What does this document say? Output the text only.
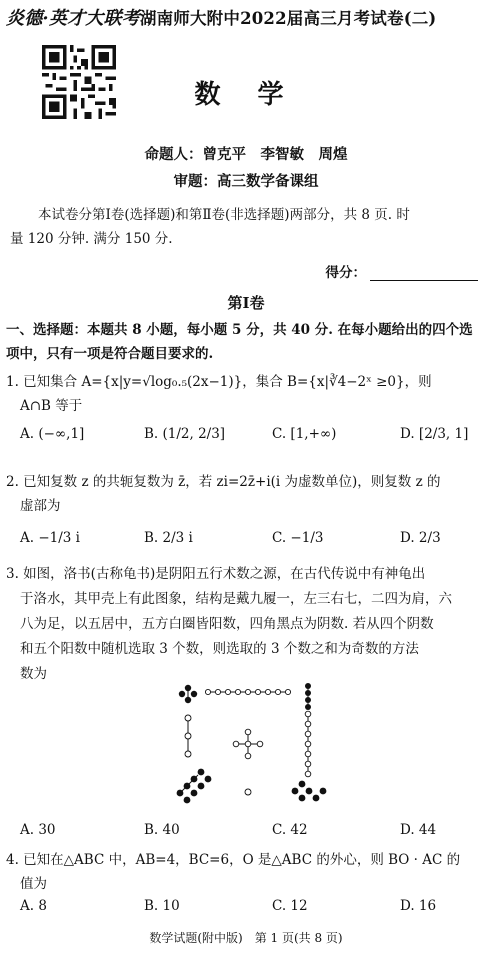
炎德·英才大联考湖南师大附中2022届高三月考试卷(二)
数 学
命题人：曾克平　李智敏　周煌
审题：高三数学备课组
本试卷分第Ⅰ卷(选择题)和第Ⅱ卷(非选择题)两部分，共 8 页. 时
量 120 分钟. 满分 150 分.
得分：
第Ⅰ卷
一、选择题：本题共 8 小题，每小题 5 分，共 40 分. 在每小题给出的四个选
项中，只有一项是符合题目要求的.
1. 已知集合 A={x|y=√log₀.₅(2x−1)}，集合 B={x|∛4−2ˣ ≥0}，则
A∩B 等于
A. (−∞,1]	B. (1/2, 2/3]	C. [1,+∞)	D. [2/3, 1]
2. 已知复数 z 的共轭复数为 z̄，若 zi=2z̄+i(i 为虚数单位)，则复数 z 的
虚部为
A. −1/3 i	B. 2/3 i	C. −1/3	D. 2/3
3. 如图，洛书(古称龟书)是阴阳五行术数之源，在古代传说中有神龟出
于洛水，其甲壳上有此图象，结构是戴九履一，左三右七，二四为肩，六
八为足，以五居中，五方白圈皆阳数，四角黑点为阴数. 若从四个阴数
和五个阳数中随机选取 3 个数，则选取的 3 个数之和为奇数的方法
数为
A. 30	B. 40	C. 42	D. 44
4. 已知在△ABC 中，AB=4，BC=6，O 是△ABC 的外心，则 BO · AC 的
值为
A. 8	B. 10	C. 12	D. 16
数学试题(附中版)　第 1 页(共 8 页)
